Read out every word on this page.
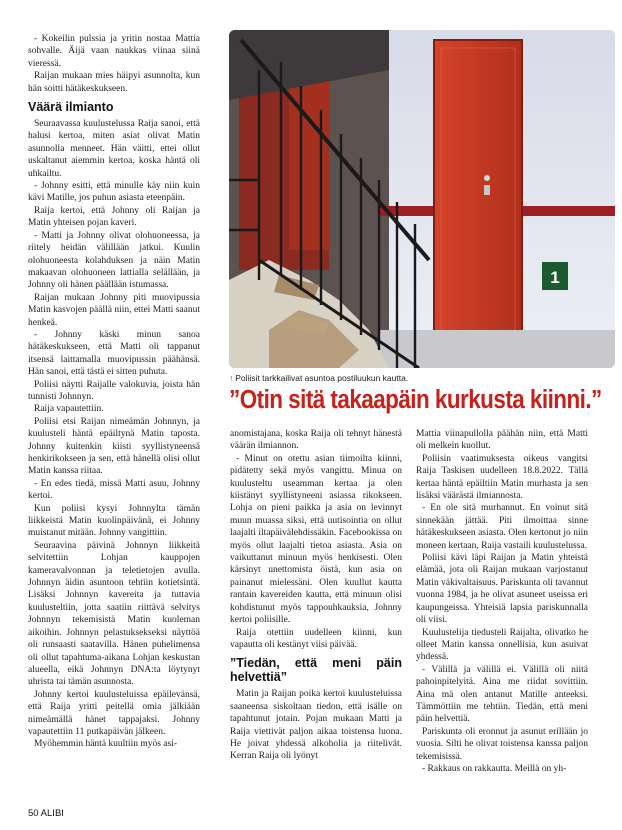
- Kokeilin pulssia ja yritin nostaa Mattia sohvalle. Äijä vaan naukkas viinaa siinä vieressä.

Raijan mukaan mies häipyi asunnolta, kun hän soitti hätäkeskukseen.

Väärä ilmianto

Seuraavassa kuulustelussa Raija sanoi, että halusi kertoa, miten asiat olivat Matin asunnolla menneet. Hän väitti, ettei ollut uskaltanut aiemmin kertoa, koska häntä oli uhkailtu.

- Johnny esitti, että minulle käy niin kuin kävi Matille, jos puhun asiasta eteenpäin.

Raija kertoi, että Johnny oli Raijan ja Matin yhteisen pojan kaveri.

- Matti ja Johnny olivat olohuoneessa, ja riitely heidän välillään jatkui. Kuulin olohuoneesta kolahduksen ja näin Matin makaavan olohuoneen lattialla selällään, ja Johnny oli hänen päällään istumassa.

Raijan mukaan Johnny piti muovipussia Matin kasvojen päällä niin, ettei Matti saanut henkeä.

- Johnny käski minun sanoa hätäkeskukseen, että Matti oli tappanut itsensä laittamalla muovipussin päähänsä. Hän sanoi, että tästä ei sitten puhuta.

Poliisi näytti Raijalle valokuvia, joista hän tunnisti Johnnyn.

Raija vapautettiin.

Poliisi etsi Raijan nimeämän Johnnyn, ja kuulusteli häntä epäiltynä Matin taposta. Johnny kuitenkin kiisti syyllistyneensä henkirikokseen ja sen, että hänellä olisi ollut Matin kanssa riitaa.

- En edes tiedä, missä Matti asuu, Johnny kertoi.

Kun poliisi kysyi Johnnylta tämän liikkeistä Matin kuolinpäivänä, ei Johnny muistanut mitään. Johnny vangittiin.

Seuraavina päivinä Johnnyn liikkeitä selvitettiin Lohjan kauppojen kameravalvonnan ja teletietojen avulla. Johnnyn äidin asuntoon tehtiin kotietsintä. Lisäksi Johnnyn kavereita ja tuttavia kuulusteltiin, jotta saatiin riittävä selvitys Johnnyn tekemisistä Matin kuoleman aikoihin. Johnnyn pelastuksekseksi näyttöä oli runsaasti saatavilla. Hänen puhelimensa oli ollut tapahtuma-aikana Lohjan keskustan alueella, eikä Johnnyn DNA:ta löytynyt uhrista tai tämän asunnosta.

Johnny kertoi kuulusteluissa epäilevänsä, että Raija yritti peitellä omia jälkiään nimeämällä hänet tappajaksi. Johnny vapautettiin 11 putkapäivän jälkeen.

Myöhemmin häntä kuultiin myös asi-

1
↑ Poliisit tarkkailivat asuntoa postiluukun kautta.
”Otin sitä takaapäin kurkusta kiinni.”

anomistajana, koska Raija oli tehnyt hänestä väärän ilmiannon.

- Minut on otettu asian tiimoilta kiinni, pidätetty sekä myös vangittu. Minua on kuulusteltu useamman kertaa ja olen kiistänyt syyllistyneeni asiassa rikokseen. Lohja on pieni paikka ja asia on levinnyt muun muassa siksi, että uutisointia on ollut laajalti iltapäivälehdissäkin. Facebookissa on myös ollut laajalti tietoa asiasta. Asia on vaikuttanut minuun myös henkisesti. Olen kärsinyt unettomista öistä, kun asia on painanut mielessäni. Olen kuullut kautta rantain kavereiden kautta, että minuun olisi kohdistunut myös tappouhkauksia, Johnny kertoi poliisille.

Raija otettiin uudelleen kiinni, kun vapautta oli kestänyt viisi päivää.

”Tiedän, että meni päin helvettiä”

Matin ja Raijan poika kertoi kuulusteluissa saaneensa siskoltaan tiedon, että isälle on tapahtunut jotain. Pojan mukaan Matti ja Raija viettivät paljon aikaa toistensa luona. He joivat yhdessä alkoholia ja riitelivät. Kerran Raija oli lyönyt

Mattia viinapullolla päähän niin, että Matti oli melkein kuollut.

Poliisin vaatimuksesta oikeus vangitsi Raija Taskisen uudelleen 18.8.2022. Tällä kertaa häntä epäiltiin Matin murhasta ja sen lisäksi väärästä ilmiannosta.

- En ole sitä murhannut. En voinut sitä sinnekään jättää. Piti ilmoittaa sinne hätäkeskukseen asiasta. Olen kertonut jo niin moneen kertaan, Raija vastaili kuulustelussa.

Poliisi kävi läpi Raijan ja Matin yhteistä elämää, jota oli Raijan mukaan varjostanut Matin väkivaltaisuus. Pariskunta oli tavannut vuonna 1984, ja he olivat asuneet useissa eri kaupungeissa. Yhteisiä lapsia pariskunnalla oli viisi.

Kuulustelija tiedusteli Raijalta, olivatko he olleet Matin kanssa onnellisia, kun asuivat yhdessä.

- Välillä ja välillä ei. Välillä oli niitä pahoinpitelyitä. Aina me riidat sovittiin. Aina mä olen antanut Matille anteeksi. Tämmöttiin me tehtiin. Tiedän, että meni päin helvettiä.

Pariskunta oli eronnut ja asunut erillään jo vuosia. Silti he olivat toistensa kanssa paljon tekemisissä.

- Rakkaus on rakkautta. Meillä on yh-

50 ALIBI
